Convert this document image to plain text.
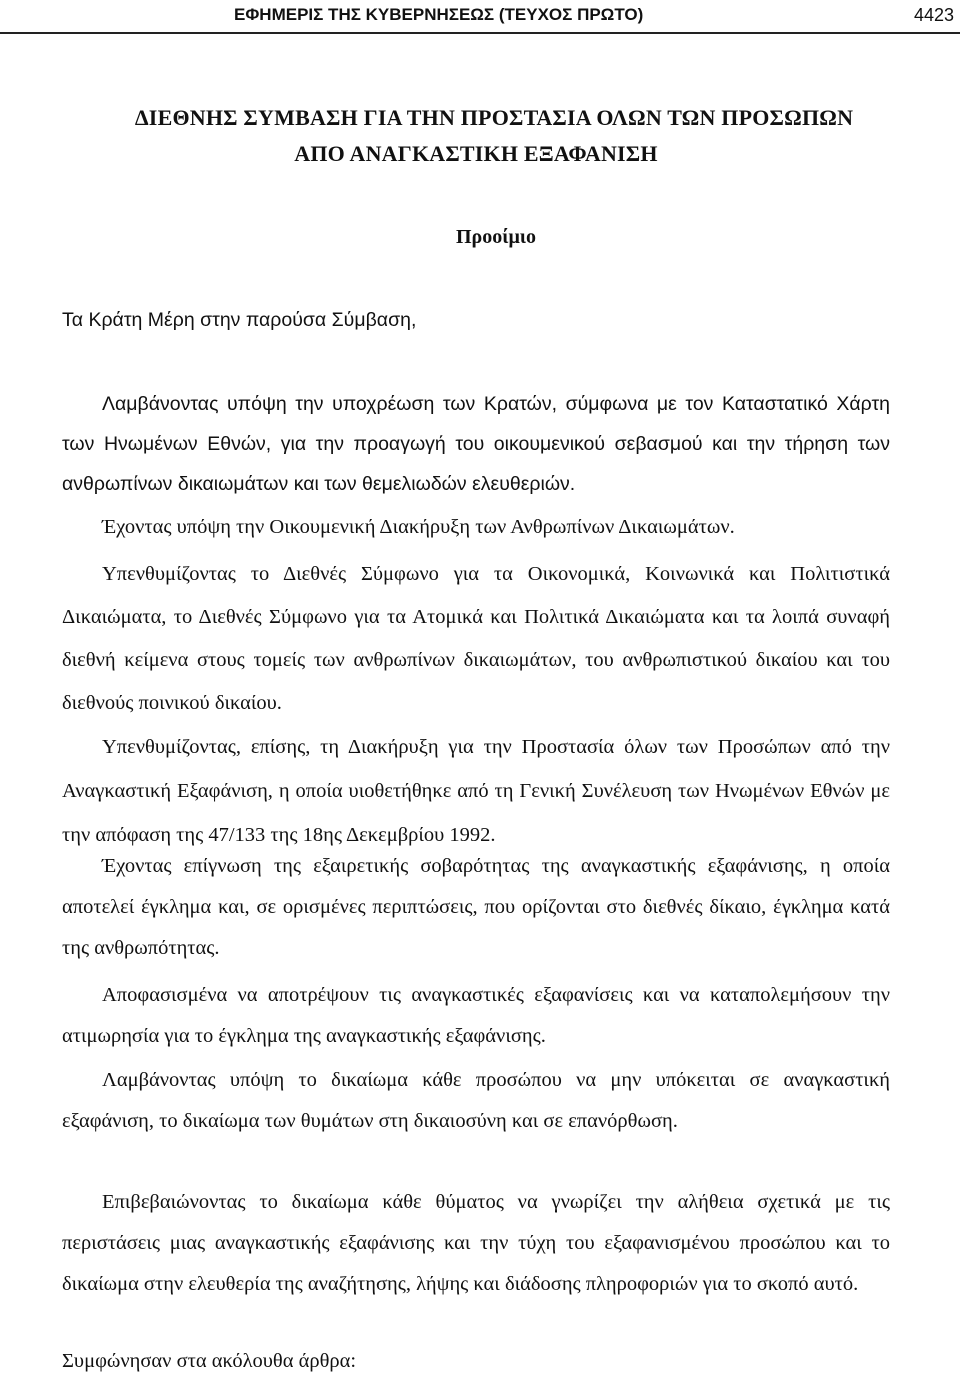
ΕΦΗΜΕΡΙΣ ΤΗΣ ΚΥΒΕΡΝΗΣΕΩΣ (ΤΕΥΧΟΣ ΠΡΩΤΟ)	4423
ΔΙΕΘΝΗΣ ΣΥΜΒΑΣΗ ΓΙΑ ΤΗΝ ΠΡΟΣΤΑΣΙΑ ΟΛΩΝ ΤΩΝ ΠΡΟΣΩΠΩΝ
ΑΠΟ ΑΝΑΓΚΑΣΤΙΚΗ ΕΞΑΦΑΝΙΣΗ
Προοίμιο

Τα Κράτη Μέρη στην παρούσα Σύμβαση,

Λαμβάνοντας υπόψη την υποχρέωση των Κρατών, σύμφωνα με τον Καταστατικό Χάρτη των Ηνωμένων Εθνών, για την προαγωγή του οικουμενικού σεβασμού και την τήρηση των ανθρωπίνων δικαιωμάτων και των θεμελιωδών ελευθεριών.

Έχοντας υπόψη την Οικουμενική Διακήρυξη των Ανθρωπίνων Δικαιωμάτων.

Υπενθυμίζοντας το Διεθνές Σύμφωνο για τα Οικονομικά, Κοινωνικά και Πολιτιστικά Δικαιώματα, το Διεθνές Σύμφωνο για τα Ατομικά και Πολιτικά Δικαιώματα και τα λοιπά συναφή διεθνή κείμενα στους τομείς των ανθρωπίνων δικαιωμάτων, του ανθρωπιστικού δικαίου και του διεθνούς ποινικού δικαίου.

Υπενθυμίζοντας, επίσης, τη Διακήρυξη για την Προστασία όλων των Προσώπων από την Αναγκαστική Εξαφάνιση, η οποία υιοθετήθηκε από τη Γενική Συνέλευση των Ηνωμένων Εθνών με την απόφαση της 47/133 της 18ης Δεκεμβρίου 1992.

Έχοντας επίγνωση της εξαιρετικής σοβαρότητας της αναγκαστικής εξαφάνισης, η οποία αποτελεί έγκλημα και, σε ορισμένες περιπτώσεις, που ορίζονται στο διεθνές δίκαιο, έγκλημα κατά της ανθρωπότητας.

Αποφασισμένα να αποτρέψουν τις αναγκαστικές εξαφανίσεις και να καταπολεμήσουν την ατιμωρησία για το έγκλημα της αναγκαστικής εξαφάνισης.

Λαμβάνοντας υπόψη το δικαίωμα κάθε προσώπου να μην υπόκειται σε αναγκαστική εξαφάνιση, το δικαίωμα των θυμάτων στη δικαιοσύνη και σε επανόρθωση.

Επιβεβαιώνοντας το δικαίωμα κάθε θύματος να γνωρίζει την αλήθεια σχετικά με τις περιστάσεις μιας αναγκαστικής εξαφάνισης και την τύχη του εξαφανισμένου προσώπου και το δικαίωμα στην ελευθερία της αναζήτησης, λήψης και διάδοσης πληροφοριών για το σκοπό αυτό.

Συμφώνησαν στα ακόλουθα άρθρα:
